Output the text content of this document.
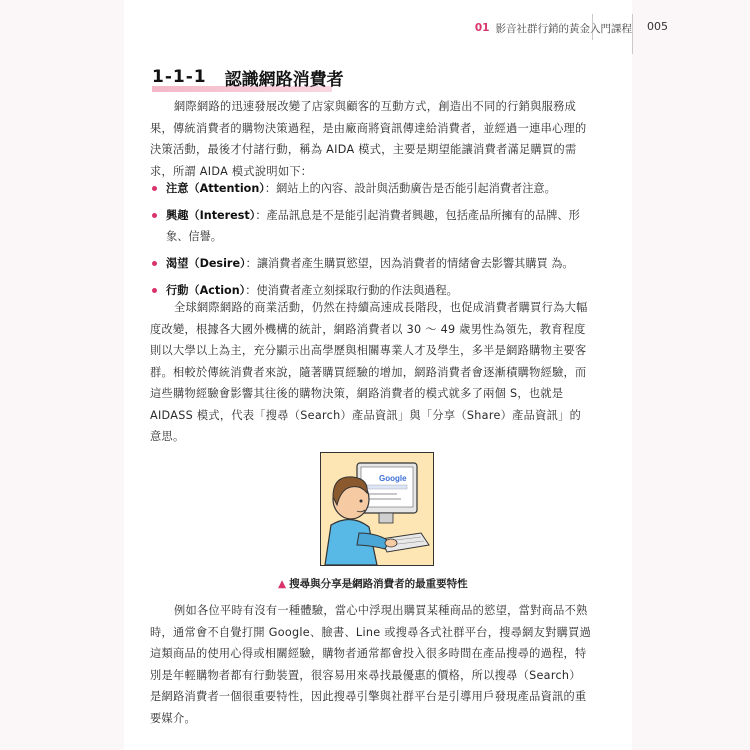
01 影音社群行銷的黃金入門課程 005
1-1-1 認識網路消費者
網際網路的迅速發展改變了店家與顧客的互動方式，創造出不同的行銷與服務成果，傳統消費者的購物決策過程，是由廠商將資訊傳達給消費者，並經過一連串心理的決策活動，最後才付諸行動，稱為 AIDA 模式，主要是期望能讓消費者滿足購買的需求，所謂 AIDA 模式說明如下：
注意（Attention）：網站上的內容、設計與活動廣告是否能引起消費者注意。
興趣（Interest）：產品訊息是不是能引起消費者興趣，包括產品所擁有的品牌、形象、信譽。
渴望（Desire）：讓消費者產生購買慾望，因為消費者的情緒會去影響其購買 為。
行動（Action）：使消費者產立刻採取行動的作法與過程。
全球網際網路的商業活動，仍然在持續高速成長階段，也促成消費者購買行為大幅度改變，根據各大國外機構的統計，網路消費者以 30 ～ 49 歲男性為領先，教育程度則以大學以上為主，充分顯示出高學歷與相關專業人才及學生，多半是網路購物主要客群。相較於傳統消費者來說，隨著購買經驗的增加，網路消費者會逐漸積購物經驗，而這些購物經驗會影響其往後的購物決策，網路消費者的模式就多了兩個 S，也就是 AIDASS 模式，代表「搜尋（Search）產品資訊」與「分享（Share）產品資訊」的意思。
Google
▲ 搜尋與分享是網路消費者的最重要特性
例如各位平時有沒有一種體驗，當心中浮現出購買某種商品的慾望，當對商品不熟時，通常會不自覺打開 Google、臉書、Line 或搜尋各式社群平台，搜尋網友對購買過這類商品的使用心得或相關經驗，購物者通常都會投入很多時間在產品搜尋的過程，特別是年輕購物者都有行動裝置，很容易用來尋找最優惠的價格，所以搜尋（Search）是網路消費者一個很重要特性，因此搜尋引擎與社群平台是引導用戶發現產品資訊的重要媒介。
